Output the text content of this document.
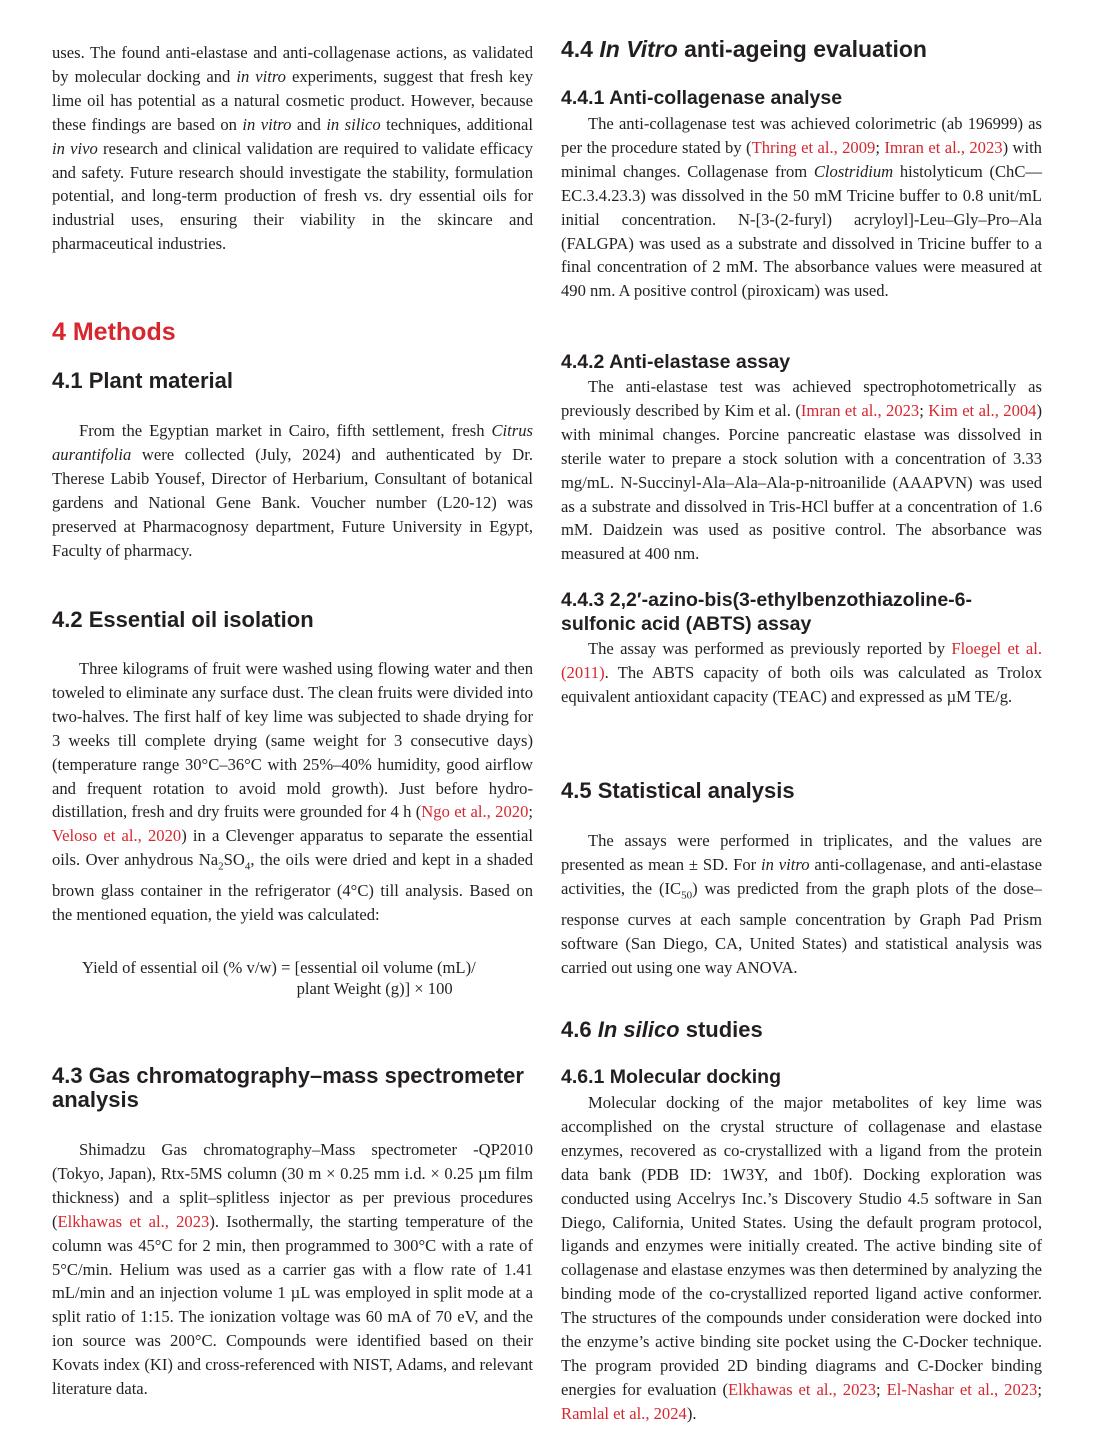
uses. The found anti-elastase and anti-collagenase actions, as validated by molecular docking and in vitro experiments, suggest that fresh key lime oil has potential as a natural cosmetic product. However, because these findings are based on in vitro and in silico techniques, additional in vivo research and clinical validation are required to validate efficacy and safety. Future research should investigate the stability, formulation potential, and long-term production of fresh vs. dry essential oils for industrial uses, ensuring their viability in the skincare and pharmaceutical industries.

4 Methods
4.1 Plant material

From the Egyptian market in Cairo, fifth settlement, fresh Citrus aurantifolia were collected (July, 2024) and authenticated by Dr. Therese Labib Yousef, Director of Herbarium, Consultant of botanical gardens and National Gene Bank. Voucher number (L20-12) was preserved at Pharmacognosy department, Future University in Egypt, Faculty of pharmacy.

4.2 Essential oil isolation

Three kilograms of fruit were washed using flowing water and then toweled to eliminate any surface dust. The clean fruits were divided into two-halves. The first half of key lime was subjected to shade drying for 3 weeks till complete drying (same weight for 3 consecutive days) (temperature range 30°C–36°C with 25%–40% humidity, good airflow and frequent rotation to avoid mold growth). Just before hydro-distillation, fresh and dry fruits were grounded for 4 h (Ngo et al., 2020; Veloso et al., 2020) in a Clevenger apparatus to separate the essential oils. Over anhydrous $Na_2SO_4$, the oils were dried and kept in a shaded brown glass container in the refrigerator (4°C) till analysis. Based on the mentioned equation, the yield was calculated:

Yield of essential oil (% v/w) = [essential oil volume (mL)/
plant Weight (g)] × 100
4.3 Gas chromatography–mass spectrometer analysis

Shimadzu Gas chromatography–Mass spectrometer -QP2010 (Tokyo, Japan), Rtx-5MS column (30 m × 0.25 mm i.d. × 0.25 µm film thickness) and a split–splitless injector as per previous procedures (Elkhawas et al., 2023). Isothermally, the starting temperature of the column was 45°C for 2 min, then programmed to 300°C with a rate of 5°C/min. Helium was used as a carrier gas with a flow rate of 1.41 mL/min and an injection volume 1 µL was employed in split mode at a split ratio of 1:15. The ionization voltage was 60 mA of 70 eV, and the ion source was 200°C. Compounds were identified based on their Kovats index (KI) and cross-referenced with NIST, Adams, and relevant literature data.

4.4 In Vitro anti-ageing evaluation
4.4.1 Anti-collagenase analyse

The anti-collagenase test was achieved colorimetric (ab 196999) as per the procedure stated by (Thring et al., 2009; Imran et al., 2023) with minimal changes. Collagenase from Clostridium histolyticum (ChC—EC.3.4.23.3) was dissolved in the 50 mM Tricine buffer to 0.8 unit/mL initial concentration. N-[3-(2-furyl) acryloyl]-Leu–Gly–Pro–Ala (FALGPA) was used as a substrate and dissolved in Tricine buffer to a final concentration of 2 mM. The absorbance values were measured at 490 nm. A positive control (piroxicam) was used.

4.4.2 Anti-elastase assay

The anti-elastase test was achieved spectrophotometrically as previously described by Kim et al. (Imran et al., 2023; Kim et al., 2004) with minimal changes. Porcine pancreatic elastase was dissolved in sterile water to prepare a stock solution with a concentration of 3.33 mg/mL. N-Succinyl-Ala–Ala–Ala-p-nitroanilide (AAAPVN) was used as a substrate and dissolved in Tris-HCl buffer at a concentration of 1.6 mM. Daidzein was used as positive control. The absorbance was measured at 400 nm.

4.4.3 2,2′-azino-bis(3-ethylbenzothiazoline-6-sulfonic acid (ABTS) assay

The assay was performed as previously reported by Floegel et al. (2011). The ABTS capacity of both oils was calculated as Trolox equivalent antioxidant capacity (TEAC) and expressed as µM TE/g.

4.5 Statistical analysis

The assays were performed in triplicates, and the values are presented as mean ± SD. For in vitro anti-collagenase, and anti-elastase activities, the $(IC_{50})$ was predicted from the graph plots of the dose–response curves at each sample concentration by Graph Pad Prism software (San Diego, CA, United States) and statistical analysis was carried out using one way ANOVA.

4.6 In silico studies
4.6.1 Molecular docking

Molecular docking of the major metabolites of key lime was accomplished on the crystal structure of collagenase and elastase enzymes, recovered as co-crystallized with a ligand from the protein data bank (PDB ID: 1W3Y, and 1b0f). Docking exploration was conducted using Accelrys Inc.’s Discovery Studio 4.5 software in San Diego, California, United States. Using the default program protocol, ligands and enzymes were initially created. The active binding site of collagenase and elastase enzymes was then determined by analyzing the binding mode of the co-crystallized reported ligand active conformer. The structures of the compounds under consideration were docked into the enzyme’s active binding site pocket using the C-Docker technique. The program provided 2D binding diagrams and C-Docker binding energies for evaluation (Elkhawas et al., 2023; El-Nashar et al., 2023; Ramlal et al., 2024).
